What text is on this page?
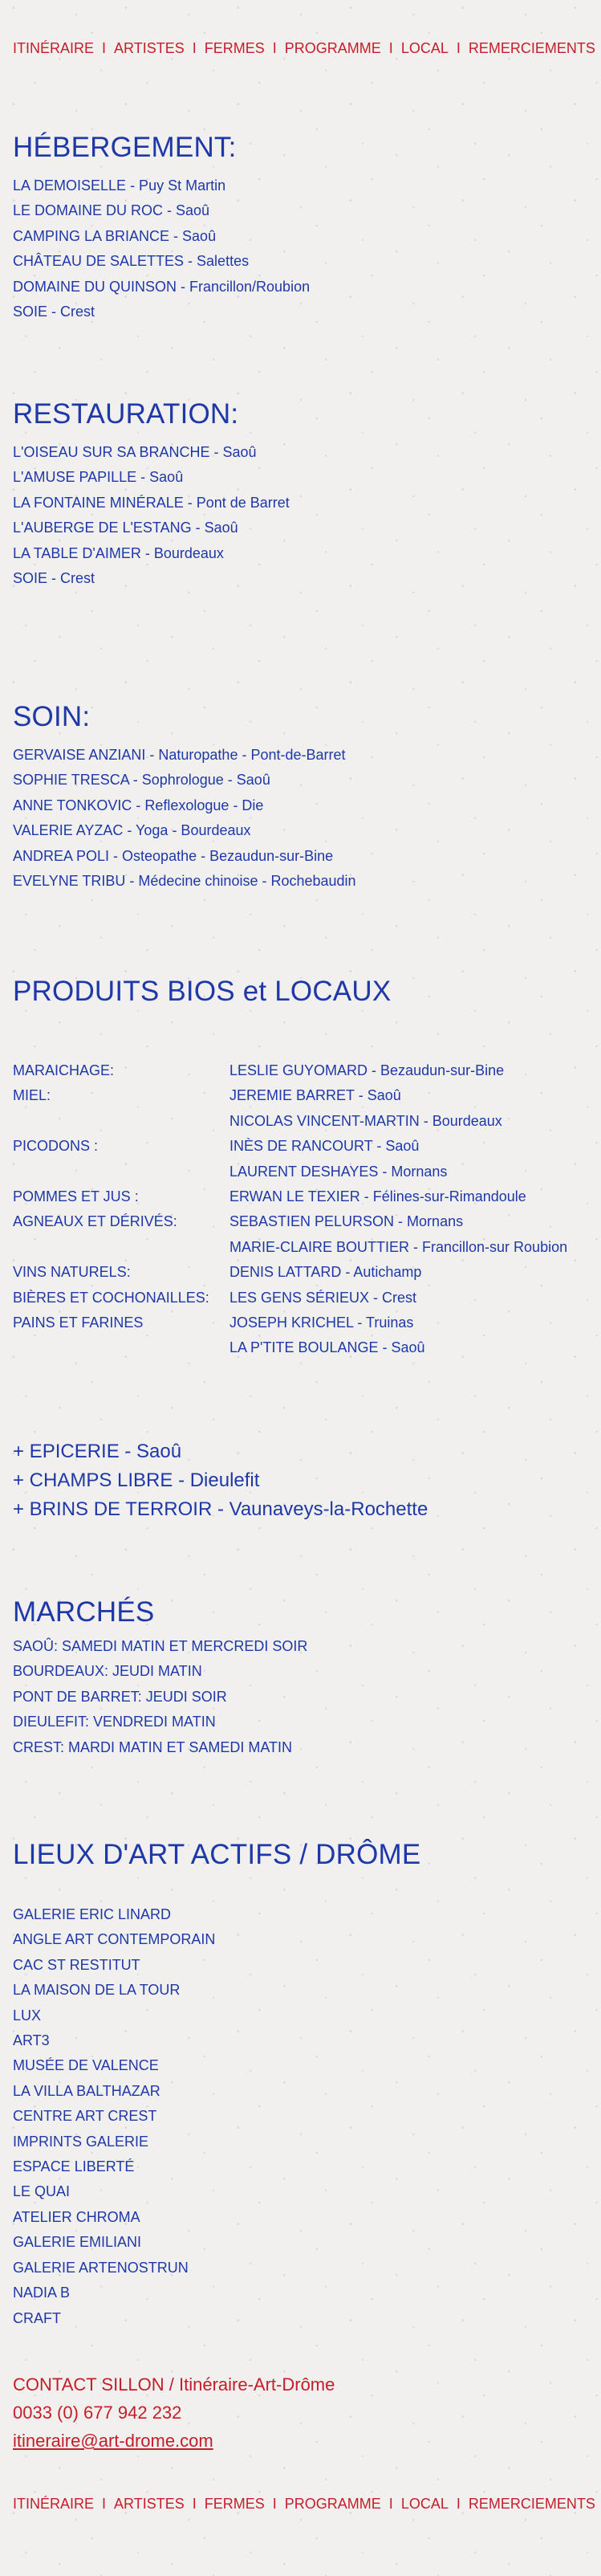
ITINÉRAIRE I ARTISTES I FERMES I PROGRAMME I LOCAL I REMERCIEMENTS
HÉBERGEMENT:
LA DEMOISELLE - Puy St Martin
LE DOMAINE DU ROC - Saoû
CAMPING LA BRIANCE - Saoû
CHÂTEAU DE SALETTES - Salettes
DOMAINE DU QUINSON - Francillon/Roubion
SOIE - Crest
RESTAURATION:
L'OISEAU SUR SA BRANCHE - Saoû
L'AMUSE PAPILLE - Saoû
LA FONTAINE MINÉRALE - Pont de Barret
L'AUBERGE DE L'ESTANG - Saoû
LA TABLE D'AIMER - Bourdeaux
SOIE - Crest
SOIN:
GERVAISE ANZIANI - Naturopathe - Pont-de-Barret
SOPHIE TRESCA - Sophrologue - Saoû
ANNE TONKOVIC - Reflexologue - Die
VALERIE AYZAC - Yoga - Bourdeaux
ANDREA POLI - Osteopathe - Bezaudun-sur-Bine
EVELYNE TRIBU - Médecine chinoise - Rochebaudin
PRODUITS BIOS et LOCAUX
MARAICHAGE:	LESLIE GUYOMARD - Bezaudun-sur-Bine
MIEL:	JEREMIE BARRET - Saoû
NICOLAS VINCENT-MARTIN - Bourdeaux
PICODONS :	INÈS DE RANCOURT - Saoû
LAURENT DESHAYES - Mornans
POMMES ET JUS :	ERWAN LE TEXIER - Félines-sur-Rimandoule
AGNEAUX ET DÉRIVÉS:	SEBASTIEN PELURSON - Mornans
MARIE-CLAIRE BOUTTIER - Francillon-sur Roubion
VINS NATURELS:	DENIS LATTARD - Autichamp
BIÈRES ET COCHONAILLES:	LES GENS SÉRIEUX - Crest
PAINS ET FARINES	JOSEPH KRICHEL - Truinas
LA P'TITE BOULANGE - Saoû
+ EPICERIE - Saoû
+ CHAMPS LIBRE - Dieulefit
+ BRINS DE TERROIR - Vaunaveys-la-Rochette
MARCHÉS
SAOÛ: SAMEDI MATIN ET MERCREDI SOIR
BOURDEAUX: JEUDI MATIN
PONT DE BARRET: JEUDI SOIR
DIEULEFIT: VENDREDI MATIN
CREST: MARDI MATIN ET SAMEDI MATIN
LIEUX D'ART ACTIFS / DRÔME
GALERIE ERIC LINARD
ANGLE ART CONTEMPORAIN
CAC ST RESTITUT
LA MAISON DE LA TOUR
LUX
ART3
MUSÉE DE VALENCE
LA VILLA BALTHAZAR
CENTRE ART CREST
IMPRINTS GALERIE
ESPACE LIBERTÉ
LE QUAI
ATELIER CHROMA
GALERIE EMILIANI
GALERIE ARTENOSTRUN
NADIA B
CRAFT
CONTACT SILLON / Itinéraire-Art-Drôme
0033 (0) 677 942 232
itineraire@art-drome.com
ITINÉRAIRE I ARTISTES I FERMES I PROGRAMME I LOCAL I REMERCIEMENTS
